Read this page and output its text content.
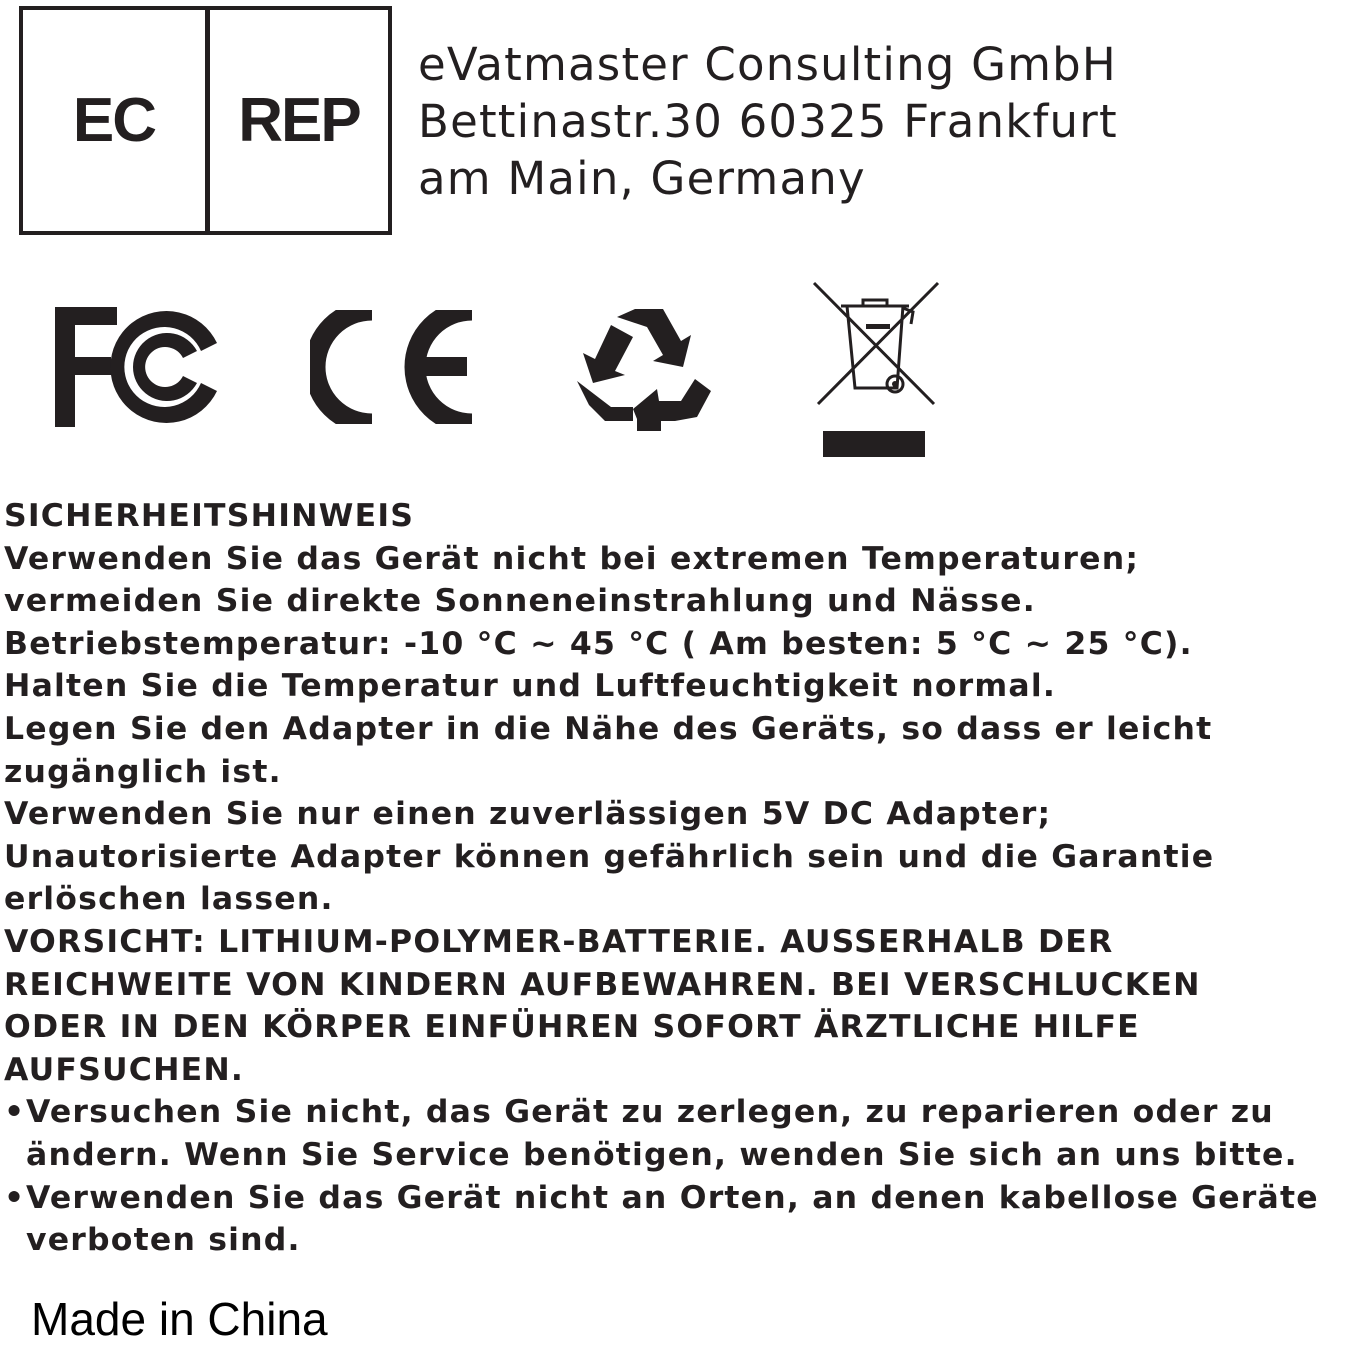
EC	REP
eVatmaster Consulting GmbH
Bettinastr.30 60325 Frankfurt
am Main, Germany
SICHERHEITSHINWEIS
Verwenden Sie das Gerät nicht bei extremen Temperaturen;
vermeiden Sie direkte Sonneneinstrahlung und Nässe.
Betriebstemperatur: -10 °C ~ 45 °C ( Am besten: 5 °C ~ 25 °C).
Halten Sie die Temperatur und Luftfeuchtigkeit normal.
Legen Sie den Adapter in die Nähe des Geräts, so dass er leicht
zugänglich ist.
Verwenden Sie nur einen zuverlässigen 5V DC Adapter;
Unautorisierte Adapter können gefährlich sein und die Garantie
erlöschen lassen.
VORSICHT: LITHIUM-POLYMER-BATTERIE. AUSSERHALB DER
REICHWEITE VON KINDERN AUFBEWAHREN. BEI VERSCHLUCKEN
ODER IN DEN KÖRPER EINFÜHREN SOFORT ÄRZTLICHE HILFE
AUFSUCHEN.
• Versuchen Sie nicht, das Gerät zu zerlegen, zu reparieren oder zu
ändern. Wenn Sie Service benötigen, wenden Sie sich an uns bitte.
• Verwenden Sie das Gerät nicht an Orten, an denen kabellose Geräte
verboten sind.
Made in China
